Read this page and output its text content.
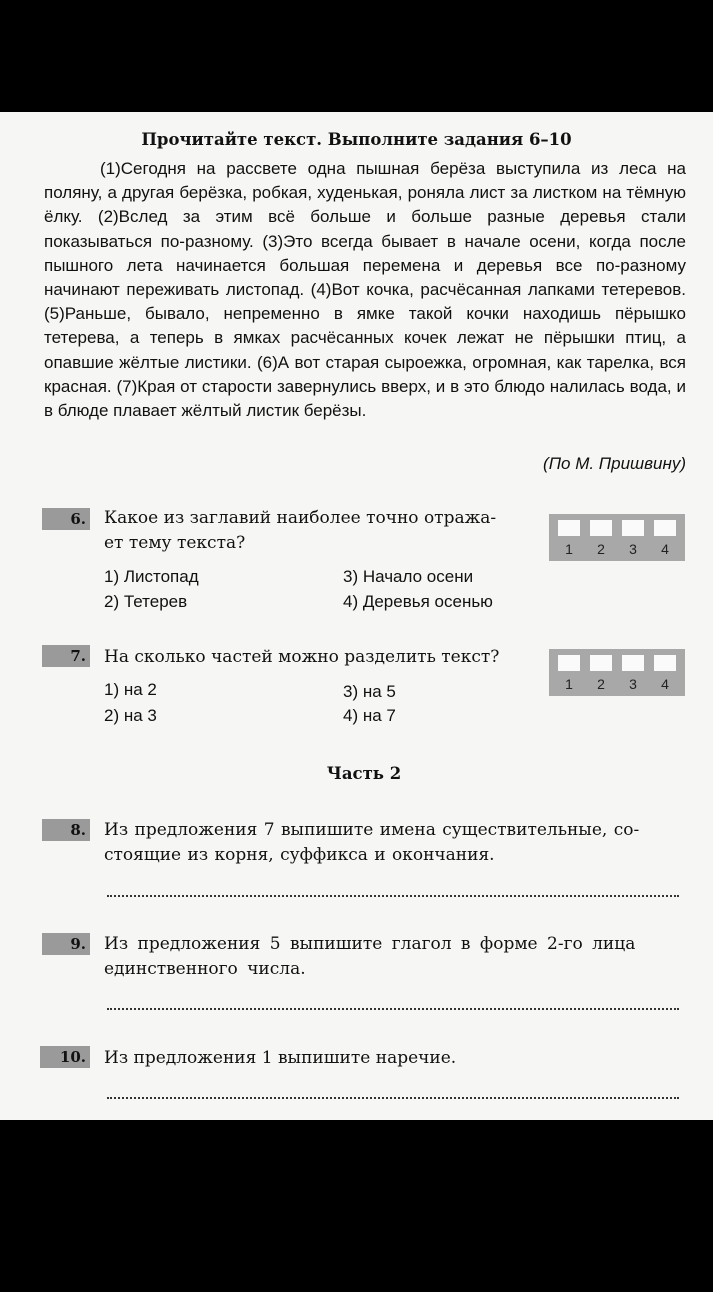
Прочитайте текст. Выполните задания 6–10
(1)Сегодня на рассвете одна пышная берёза выступила из леса на поляну, а другая берёзка, робкая, худенькая, роняла лист за листком на тёмную ёлку. (2)Вслед за этим всё больше и больше разные деревья стали показываться по-разному. (3)Это всегда бывает в начале осени, когда после пышного лета начинается большая перемена и деревья все по-разному начинают переживать листопад. (4)Вот кочка, расчёсанная лапками тетеревов. (5)Раньше, бывало, непременно в ямке такой кочки находишь пёрышко тетерева, а теперь в ямках расчёсанных кочек лежат не пёрышки птиц, а опавшие жёлтые листики. (6)А вот старая сыроежка, огромная, как тарелка, вся красная. (7)Края от старости завернулись вверх, и в это блюдо налилась вода, и в блюде плавает жёлтый листик берёзы.
(По М. Пришвину)
6. Какое из заглавий наиболее точно отража-
ет тему текста?	1	2	3	4
1) Листопад
2) Тетерев
3) Начало осени
4) Деревья осенью
7. На сколько частей можно разделить текст?
1	2	3	4
1) на 2
2) на 3
3) на 5
4) на 7
Часть 2
8. Из предложения 7 выпишите имена существительные, со-
стоящие из корня, суффикса и окончания.
9. Из предложения 5 выпишите глагол в форме 2-го лица
единственного числа.
10. Из предложения 1 выпишите наречие.
